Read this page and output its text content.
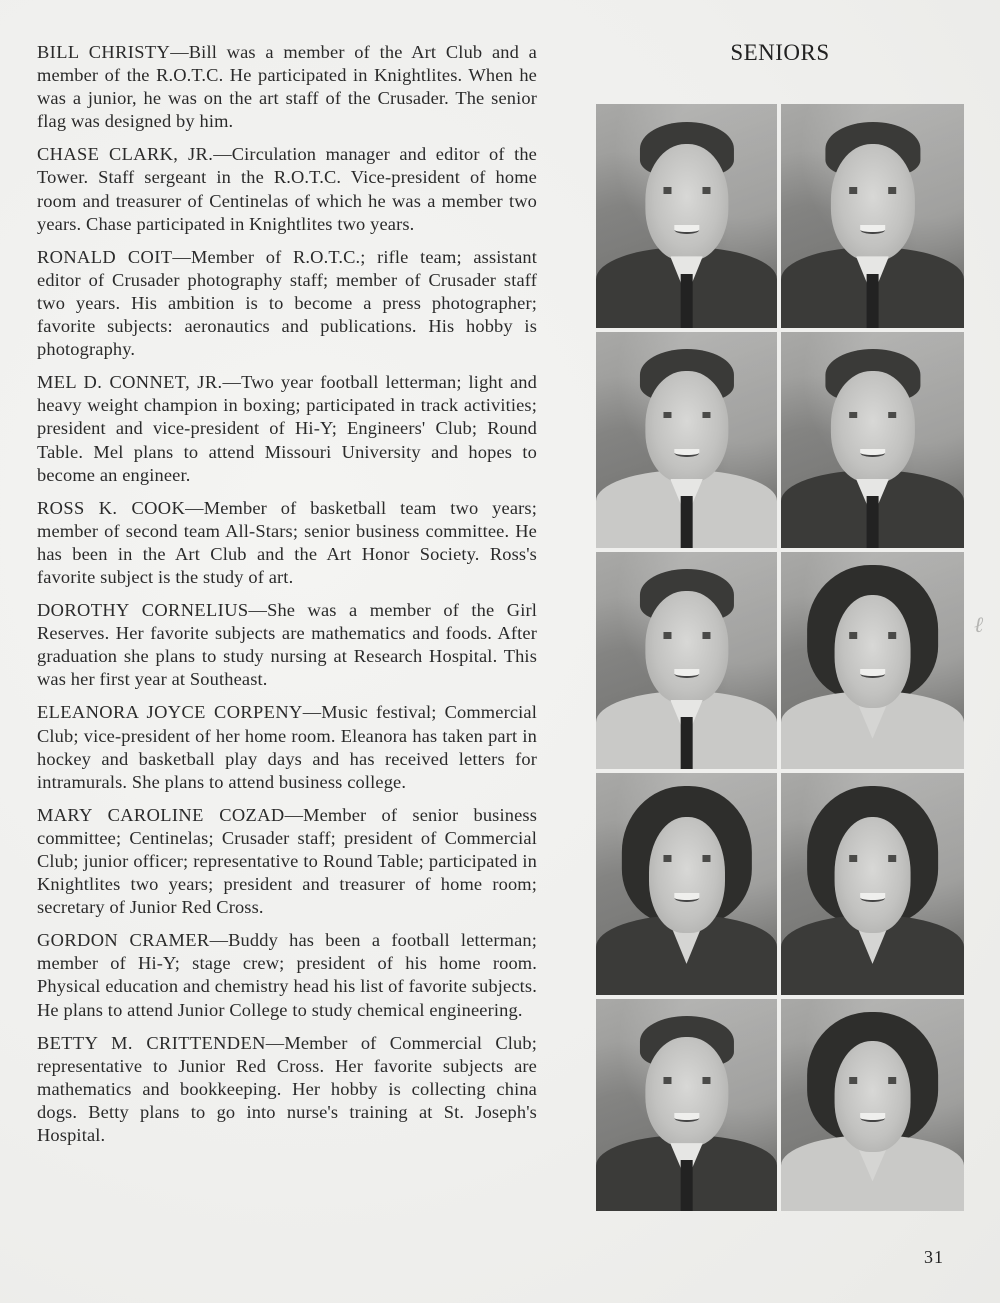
BILL CHRISTY—Bill was a member of the Art Club and a member of the R.O.T.C. He participated in Knightlites. When he was a junior, he was on the art staff of the Crusader. The senior flag was designed by him.

CHASE CLARK, JR.—Circulation manager and editor of the Tower. Staff sergeant in the R.O.T.C. Vice-president of home room and treasurer of Centinelas of which he was a member two years. Chase participated in Knightlites two years.

RONALD COIT—Member of R.O.T.C.; rifle team; assistant editor of Crusader photography staff; member of Crusader staff two years. His ambition is to become a press photographer; favorite subjects: aeronautics and publications. His hobby is photography.

MEL D. CONNET, JR.—Two year football letterman; light and heavy weight champion in boxing; participated in track activities; president and vice-president of Hi-Y; Engineers' Club; Round Table. Mel plans to attend Missouri University and hopes to become an engineer.

ROSS K. COOK—Member of basketball team two years; member of second team All-Stars; senior business committee. He has been in the Art Club and the Art Honor Society. Ross's favorite subject is the study of art.

DOROTHY CORNELIUS—She was a member of the Girl Reserves. Her favorite subjects are mathematics and foods. After graduation she plans to study nursing at Research Hospital. This was her first year at Southeast.

ELEANORA JOYCE CORPENY—Music festival; Commercial Club; vice-president of her home room. Eleanora has taken part in hockey and basketball play days and has received letters for intramurals. She plans to attend business college.

MARY CAROLINE COZAD—Member of senior business committee; Centinelas; Crusader staff; president of Commercial Club; junior officer; representative to Round Table; participated in Knightlites two years; president and treasurer of home room; secretary of Junior Red Cross.

GORDON CRAMER—Buddy has been a football letterman; member of Hi-Y; stage crew; president of his home room. Physical education and chemistry head his list of favorite subjects. He plans to attend Junior College to study chemical engineering.

BETTY M. CRITTENDEN—Member of Commercial Club; representative to Junior Red Cross. Her favorite subjects are mathematics and bookkeeping. Her hobby is collecting china dogs. Betty plans to go into nurse's training at St. Joseph's Hospital.

SENIORS
ℓ
31
